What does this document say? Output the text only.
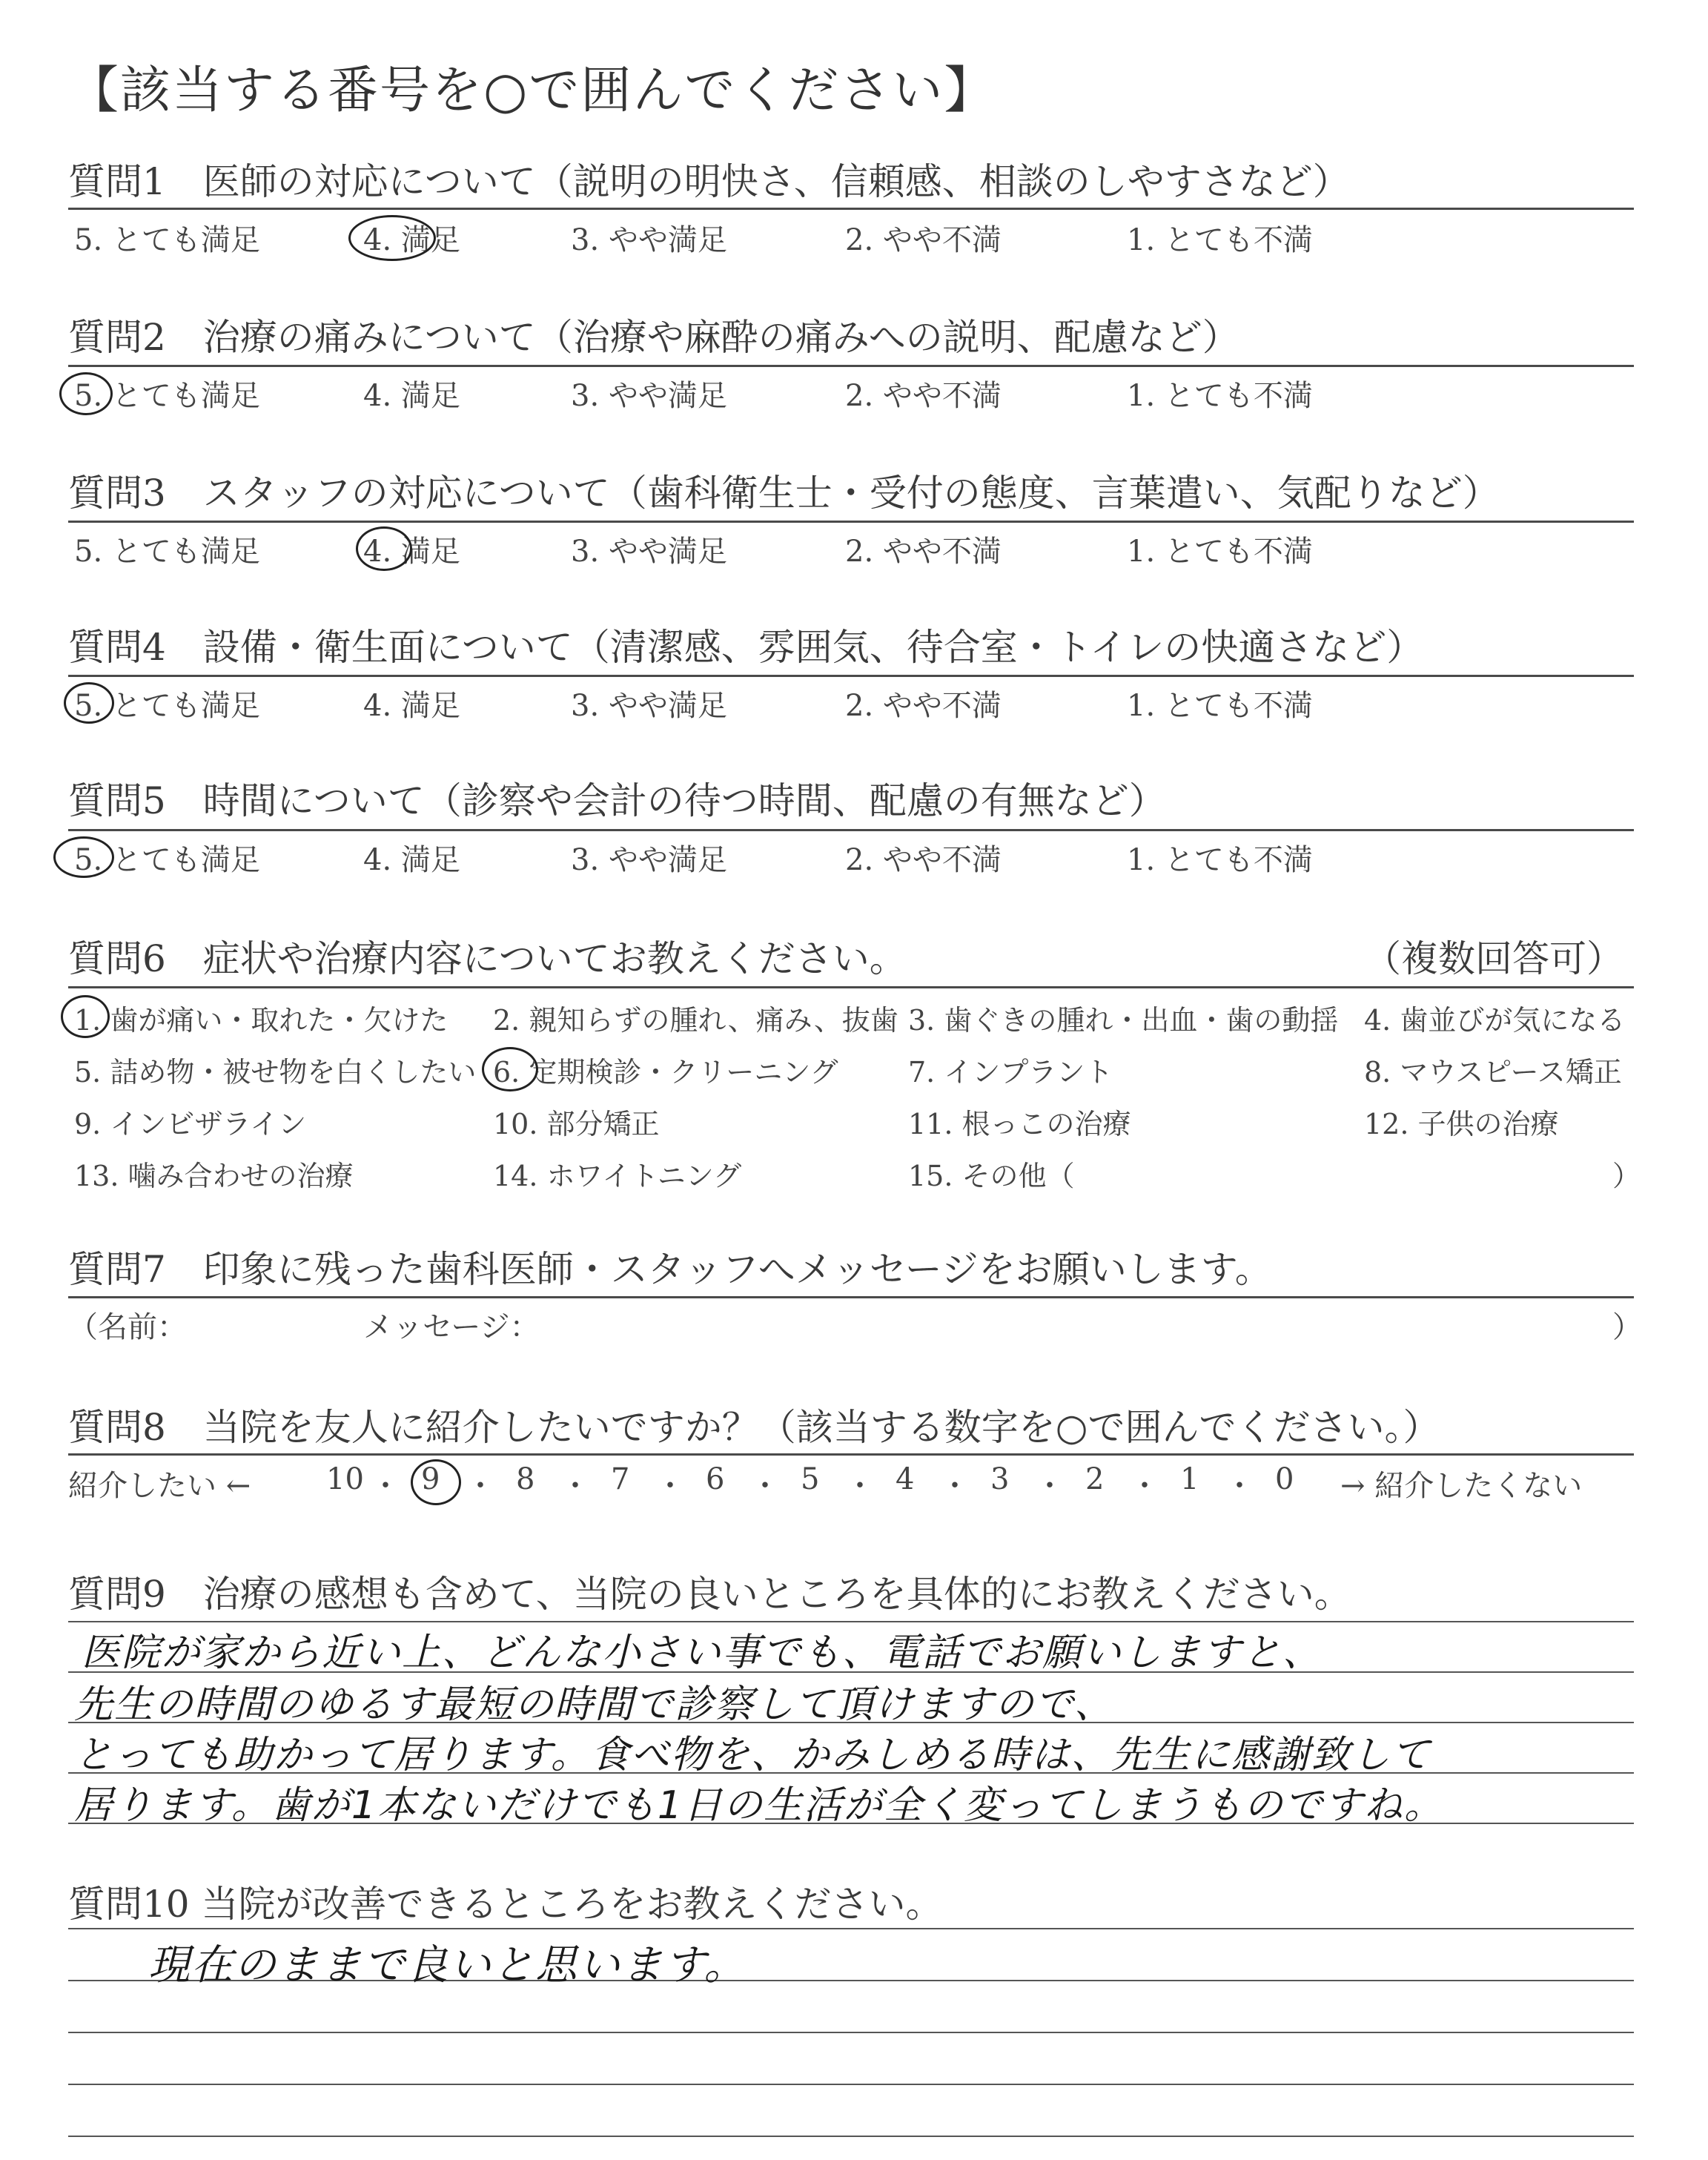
【該当する番号を○で囲んでください】
質問1　医師の対応について（説明の明快さ、信頼感、相談のしやすさなど）
5. とても満足	4. 満足	3. やや満足	2. やや不満	1. とても不満
質問2　治療の痛みについて（治療や麻酔の痛みへの説明、配慮など）
5. とても満足	4. 満足	3. やや満足	2. やや不満	1. とても不満
質問3　スタッフの対応について（歯科衛生士・受付の態度、言葉遣い、気配りなど）
5. とても満足	4. 満足	3. やや満足	2. やや不満	1. とても不満
質問4　設備・衛生面について（清潔感、雰囲気、待合室・トイレの快適さなど）
5. とても満足	4. 満足	3. やや満足	2. やや不満	1. とても不満
質問5　時間について（診察や会計の待つ時間、配慮の有無など）
5. とても満足	4. 満足	3. やや満足	2. やや不満	1. とても不満
質問6　症状や治療内容についてお教えください。	（複数回答可）
1. 歯が痛い・取れた・欠けた 2. 親知らずの腫れ、痛み、抜歯 3. 歯ぐきの腫れ・出血・歯の動揺 4. 歯並びが気になる
5. 詰め物・被せ物を白くしたい 6. 定期検診・クリーニング 7. インプラント	8. マウスピース矯正
9. インビザライン	10. 部分矯正	11. 根っこの治療	12. 子供の治療
13. 噛み合わせの治療	14. ホワイトニング	15. その他（	）
質問7　印象に残った歯科医師・スタッフへメッセージをお願いします。
（名前：	メッセージ：	）
質問8　当院を友人に紹介したいですか？（該当する数字を○で囲んでください。）
紹介したい ←	→ 紹介したくない
10 ・ 9 ・ 8 ・ 7 ・ 6 ・ 5 ・ 4 ・ 3 ・ 2 ・ 1 ・ 0
質問9　治療の感想も含めて、当院の良いところを具体的にお教えください。
医院が家から近い上、どんな小さい事でも、電話でお願いしますと、
先生の時間のゆるす最短の時間で診察して頂けますので、
とっても助かって居ります。食べ物を、かみしめる時は、先生に感謝致して
居ります。歯が1本ないだけでも1日の生活が全く変ってしまうものですね。
質問10 当院が改善できるところをお教えください。
現在のままで良いと思います。
